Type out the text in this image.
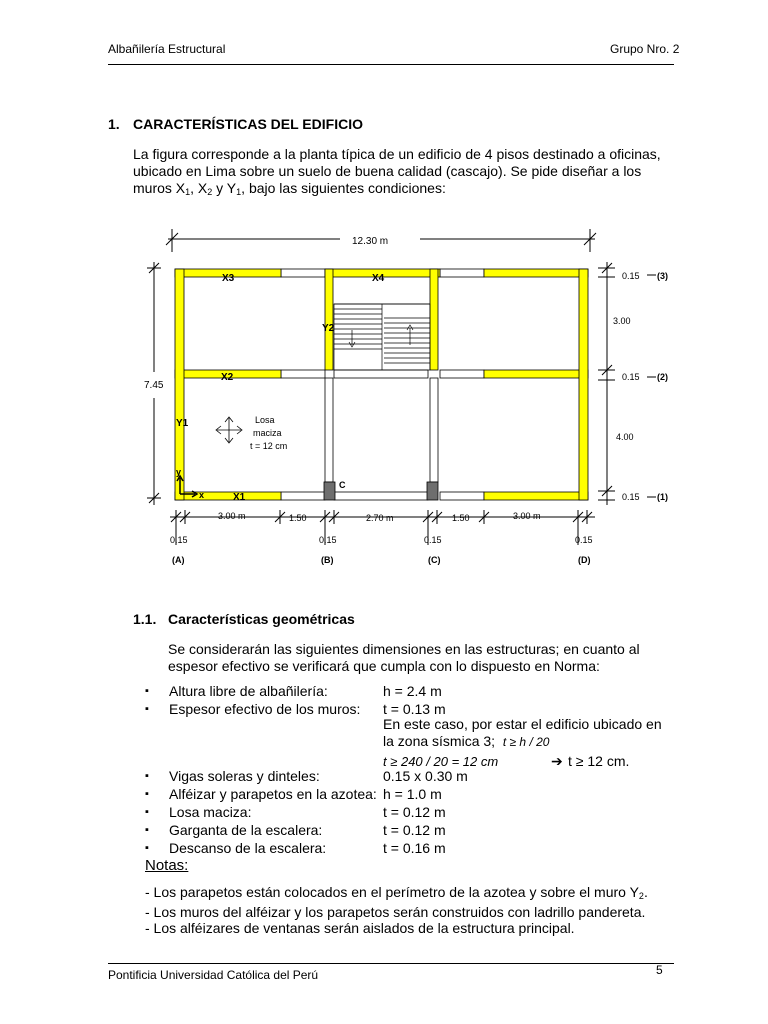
Albañilería Estructural	Grupo Nro. 2
1. CARACTERÍSTICAS DEL EDIFICIO
La figura corresponde a la planta típica de un edificio de 4 pisos destinado a oficinas,
ubicado en Lima sobre un suelo de buena calidad (cascajo). Se pide diseñar a los
muros $X_1$, $X_2$ y $Y_1$, bajo las siguientes condiciones:
12.30 m
7.45
X3	X4
X2
X1
Y1
Y2
Losa
maciza
t = 12 cm
y
x
C
0.15
3.00
0.15
4.00
0.15
(3)
(2)
(1)
3.00 m	1.50	2.70 m	1.50	3.00 m
0.15	0.15	0.15	0.15
(A)	(B)	(C)	(D)
1.1. Características geométricas
Se considerarán las siguientes dimensiones en las estructuras; en cuanto al
espesor efectivo se verificará que cumpla con lo dispuesto en Norma:
▪ Altura libre de albañilería:	h = 2.4 m
▪ Espesor efectivo de los muros: t = 0.13 m
En este caso, por estar el edificio ubicado en
la zona sísmica 3; t ≥ h / 20
t ≥ 240 / 20 = 12 cm	➔ t ≥ 12 cm.
▪ Vigas soleras y dinteles:	0.15 x 0.30 m
▪ Alféizar y parapetos en la azotea: h = 1.0 m
▪ Losa maciza:	t = 0.12 m
▪ Garganta de la escalera:	t = 0.12 m
▪ Descanso de la escalera:	t = 0.16 m
Notas:
- Los parapetos están colocados en el perímetro de la azotea y sobre el muro $Y_2$.
- Los muros del alféizar y los parapetos serán construidos con ladrillo pandereta.
- Los alféizares de ventanas serán aislados de la estructura principal.
Pontificia Universidad Católica del Perú	5
